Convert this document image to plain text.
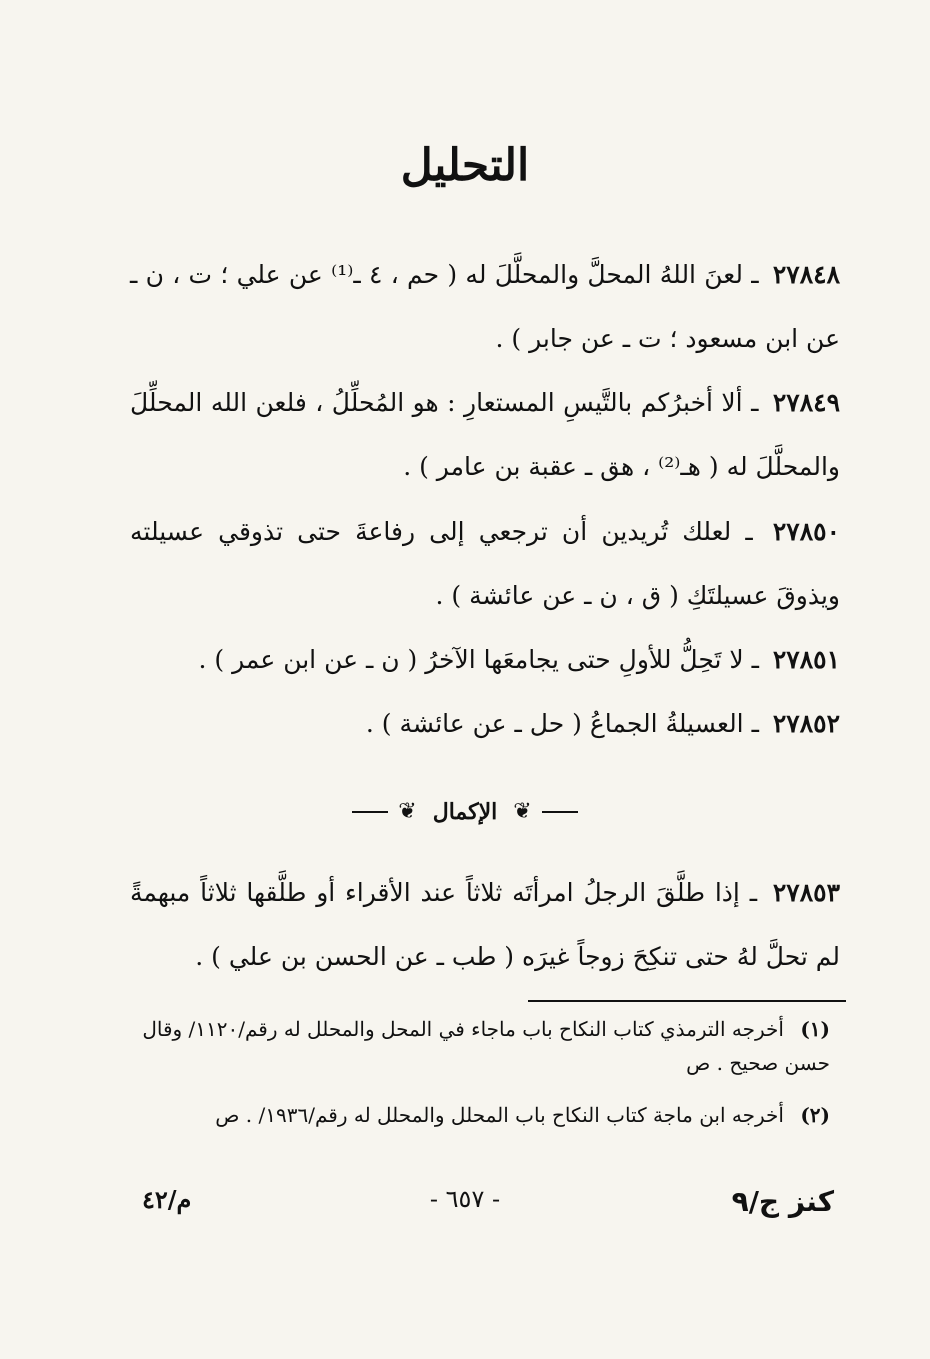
التحليل
٢٧٨٤٨ ـ لعنَ اللهُ المحلَّ والمحلَّلَ له ( حم ، ٤ ـ⁽¹⁾ عن علي ؛ ت ، ن ـ عن ابن مسعود ؛ ت ـ عن جابر ) .
٢٧٨٤٩ ـ ألا أخبرُكم بالتَّيسِ المستعارِ : هو المُحلِّلُ ، فلعن الله المحلِّلَ والمحلَّلَ له ( هـ⁽²⁾ ، هق ـ عقبة بن عامر ) .
٢٧٨٥٠ ـ لعلك تُريدين أن ترجعي إلى رفاعةَ حتى تذوقي عسيلته ويذوقَ عسيلتَكِ ( ق ، ن ـ عن عائشة ) .
٢٧٨٥١ ـ لا تَحِلُّ للأولِ حتى يجامعَها الآخرُ ( ن ـ عن ابن عمر ) .
٢٧٨٥٢ ـ العسيلةُ الجماعُ ( حل ـ عن عائشة ) .
❦
الإكمال
❦
٢٧٨٥٣ ـ إذا طلَّقَ الرجلُ امرأتَه ثلاثاً عند الأقراء أو طلَّقها ثلاثاً مبهمةً لم تحلَّ لهُ حتى تنكِحَ زوجاً غيرَه ( طب ـ عن الحسن بن علي ) .
(١) أخرجه الترمذي كتاب النكاح باب ماجاء في المحل والمحلل له رقم/١١٢٠/ وقال حسن صحيح . ص
(٢) أخرجه ابن ماجة كتاب النكاح باب المحلل والمحلل له رقم/١٩٣٦/ . ص
م/٤٢	- ٦٥٧ -	كنز ج/٩
